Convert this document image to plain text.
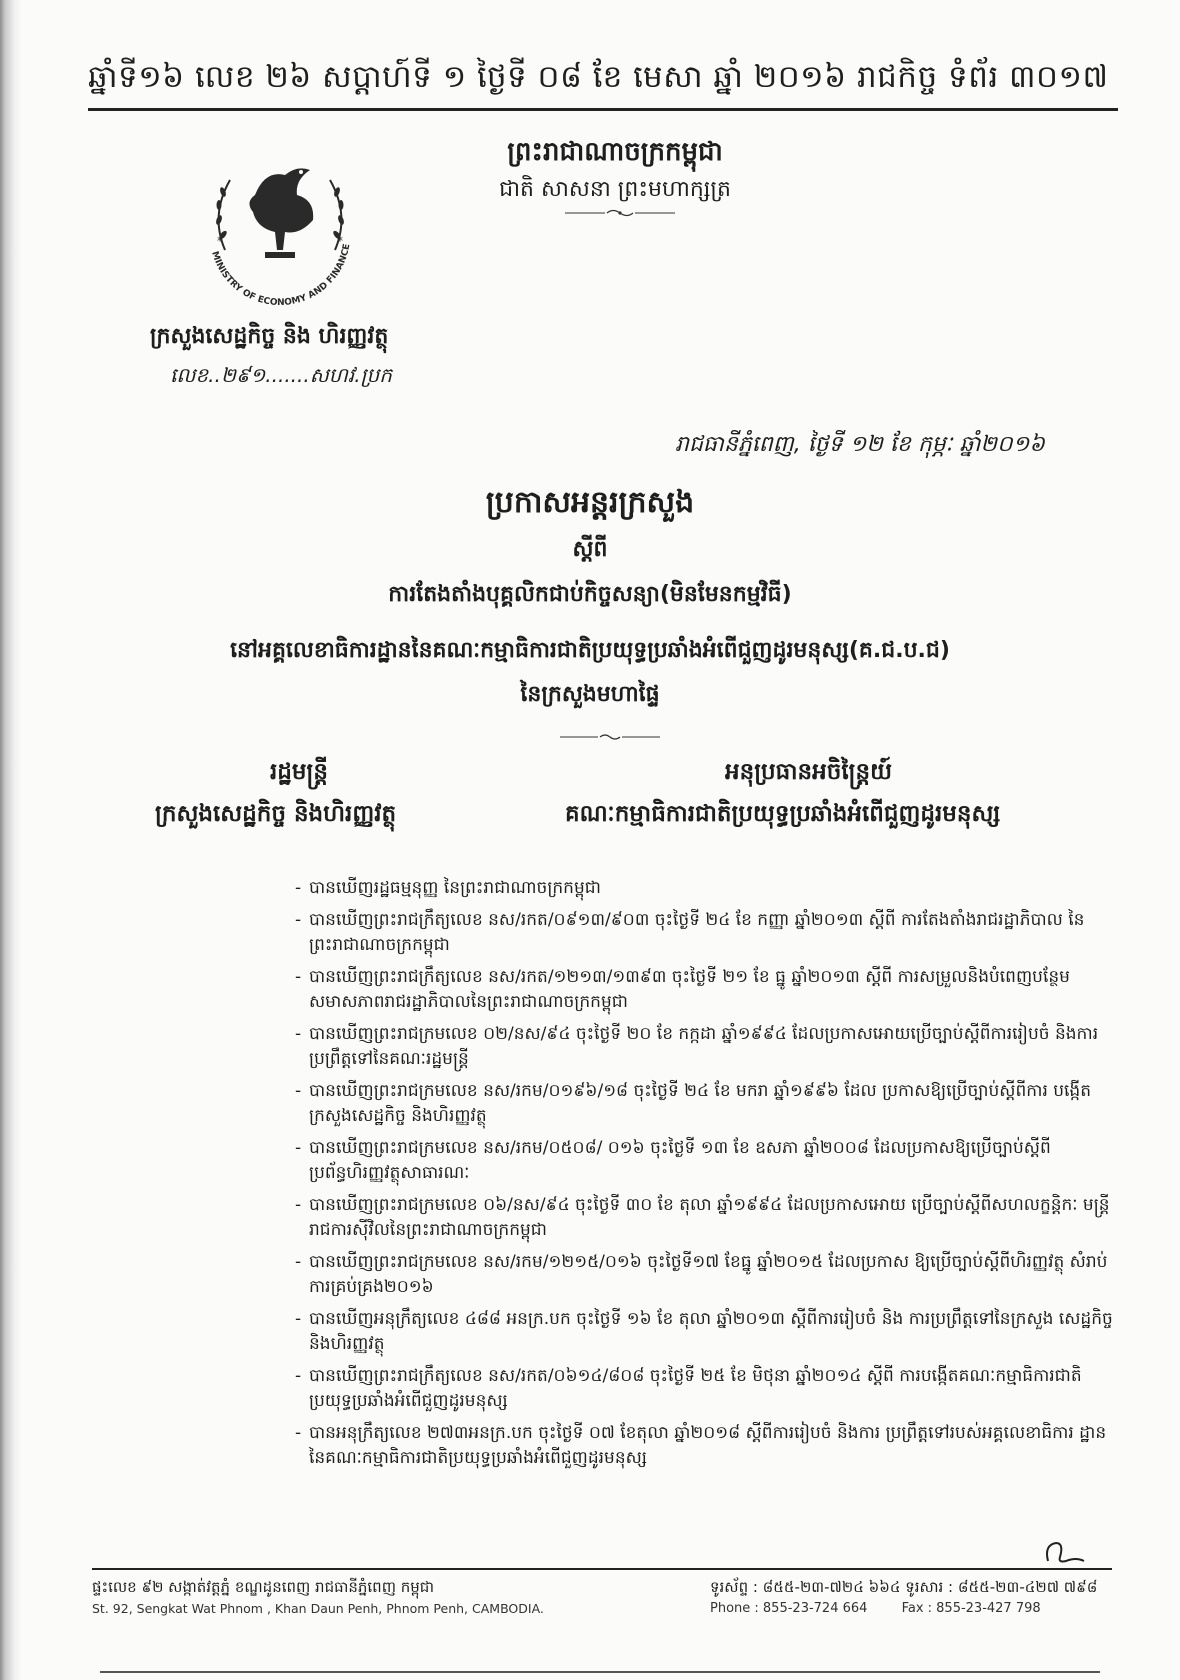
ឆ្នាំទី១៦ លេខ ២៦ សប្តាហ៍ទី ១ ថ្ងៃទី ០៨ ខែ មេសា ឆ្នាំ ២០១៦ រាជកិច្ច ទំព័រ ៣០១៧
ព្រះរាជាណាចក្រកម្ពុជា
ជាតិ សាសនា ព្រះមហាក្សត្រ
MINISTRY OF ECONOMY AND FINANCE
*	*
ក្រសួងសេដ្ឋកិច្ច និង ហិរញ្ញវត្ថុ
លេខ..២៩១.......សហវ.ប្រក
រាជធានីភ្នំពេញ, ថ្ងៃទី ១២ ខែ កុម្ភៈ ឆ្នាំ២០១៦
ប្រកាសអន្តរក្រសួង
ស្តីពី
ការតែងតាំងបុគ្គលិកជាប់កិច្ចសន្យា(មិនមែនកម្មវិធី)
នៅអគ្គលេខាធិការដ្ឋាននៃគណៈកម្មាធិការជាតិប្រយុទ្ធប្រឆាំងអំពើជួញដូរមនុស្ស(គ.ជ.ប.ជ)
នៃក្រសួងមហាផ្ទៃ
រដ្ឋមន្ត្រី
ក្រសួងសេដ្ឋកិច្ច និងហិរញ្ញវត្ថុ
អនុប្រធានអចិន្ត្រៃយ៍
គណៈកម្មាធិការជាតិប្រយុទ្ធប្រឆាំងអំពើជួញដូរមនុស្ស
- បានឃើញរដ្ឋធម្មនុញ្ញ នៃព្រះរាជាណាចក្រកម្ពុជា
- បានឃើញព្រះរាជក្រឹត្យលេខ នស/រកត/០៩១៣/៩០៣ ចុះថ្ងៃទី ២៤ ខែ កញ្ញា ឆ្នាំ២០១៣ ស្តីពី ការតែងតាំងរាជរដ្ឋាភិបាល នៃព្រះរាជាណាចក្រកម្ពុជា
- បានឃើញព្រះរាជក្រឹត្យលេខ នស/រកត/១២១៣/១៣៩៣ ចុះថ្ងៃទី ២១ ខែ ធ្នូ ឆ្នាំ២០១៣ ស្តីពី ការសម្រួលនិងបំពេញបន្ថែម សមាសភាពរាជរដ្ឋាភិបាលនៃព្រះរាជាណាចក្រកម្ពុជា
- បានឃើញព្រះរាជក្រមលេខ ០២/នស/៩៤ ចុះថ្ងៃទី ២០ ខែ កក្កដា ឆ្នាំ១៩៩៤ ដែលប្រកាសអោយប្រើច្បាប់ស្តីពីការរៀបចំ និងការប្រព្រឹត្តទៅនៃគណៈរដ្ឋមន្ត្រី
- បានឃើញព្រះរាជក្រមលេខ នស/រកម/០១៩៦/១៨ ចុះថ្ងៃទី ២៤ ខែ មករា ឆ្នាំ១៩៩៦ ដែល ប្រកាសឱ្យប្រើច្បាប់ស្តីពីការ បង្កើតក្រសួងសេដ្ឋកិច្ច និងហិរញ្ញវត្ថុ
- បានឃើញព្រះរាជក្រមលេខ នស/រកម/០៥០៨/ ០១៦ ចុះថ្ងៃទី ១៣ ខែ ឧសភា ឆ្នាំ២០០៨ ដែលប្រកាសឱ្យប្រើច្បាប់ស្តីពី ប្រព័ន្ធហិរញ្ញវត្ថុសាធារណៈ
- បានឃើញព្រះរាជក្រមលេខ ០៦/នស/៩៤ ចុះថ្ងៃទី ៣០ ខែ តុលា ឆ្នាំ១៩៩៤ ដែលប្រកាសអោយ ប្រើច្បាប់ស្តីពីសហលក្ខន្តិកៈ មន្ត្រីរាជការស៊ីវិលនៃព្រះរាជាណាចក្រកម្ពុជា
- បានឃើញព្រះរាជក្រមលេខ នស/រកម/១២១៥/០១៦ ចុះថ្ងៃទី១៧ ខែធ្នូ ឆ្នាំ២០១៥ ដែលប្រកាស ឱ្យប្រើច្បាប់ស្តីពីហិរញ្ញវត្ថុ សំរាប់ការគ្រប់គ្រង២០១៦
- បានឃើញអនុក្រឹត្យលេខ ៤៨៨ អនក្រ.បក ចុះថ្ងៃទី ១៦ ខែ តុលា ឆ្នាំ២០១៣ ស្តីពីការរៀបចំ និង ការប្រព្រឹត្តទៅនៃក្រសួង សេដ្ឋកិច្ច និងហិរញ្ញវត្ថុ
- បានឃើញព្រះរាជក្រឹត្យលេខ នស/រកត/០៦១៤/៨០៨ ចុះថ្ងៃទី ២៥ ខែ មិថុនា ឆ្នាំ២០១៤ ស្តីពី ការបង្កើតគណៈកម្មាធិការជាតិ ប្រយុទ្ធប្រឆាំងអំពើជួញដូរមនុស្ស
- បានអនុក្រឹត្យលេខ ២៧៣អនក្រ.បក ចុះថ្ងៃទី ០៧ ខែតុលា ឆ្នាំ២០១៨ ស្តីពីការរៀបចំ និងការ ប្រព្រឹត្តទៅរបស់អគ្គលេខាធិការ ដ្ឋាននៃគណៈកម្មាធិការជាតិប្រយុទ្ធប្រឆាំងអំពើជួញដូរមនុស្ស
ផ្ទះលេខ ៩២ សង្កាត់វត្តភ្នំ ខណ្ឌដូនពេញ រាជធានីភ្នំពេញ កម្ពុជា
St. 92, Sengkat Wat Phnom , Khan Daun Penh, Phnom Penh, CAMBODIA.
ទូរស័ព្ទ : ៨៥៥-២៣-៧២៤ ៦៦៤ ទូរសារ : ៨៥៥-២៣-៤២៧ ៧៩៨
Phone : 855-23-724 664	Fax : 855-23-427 798
